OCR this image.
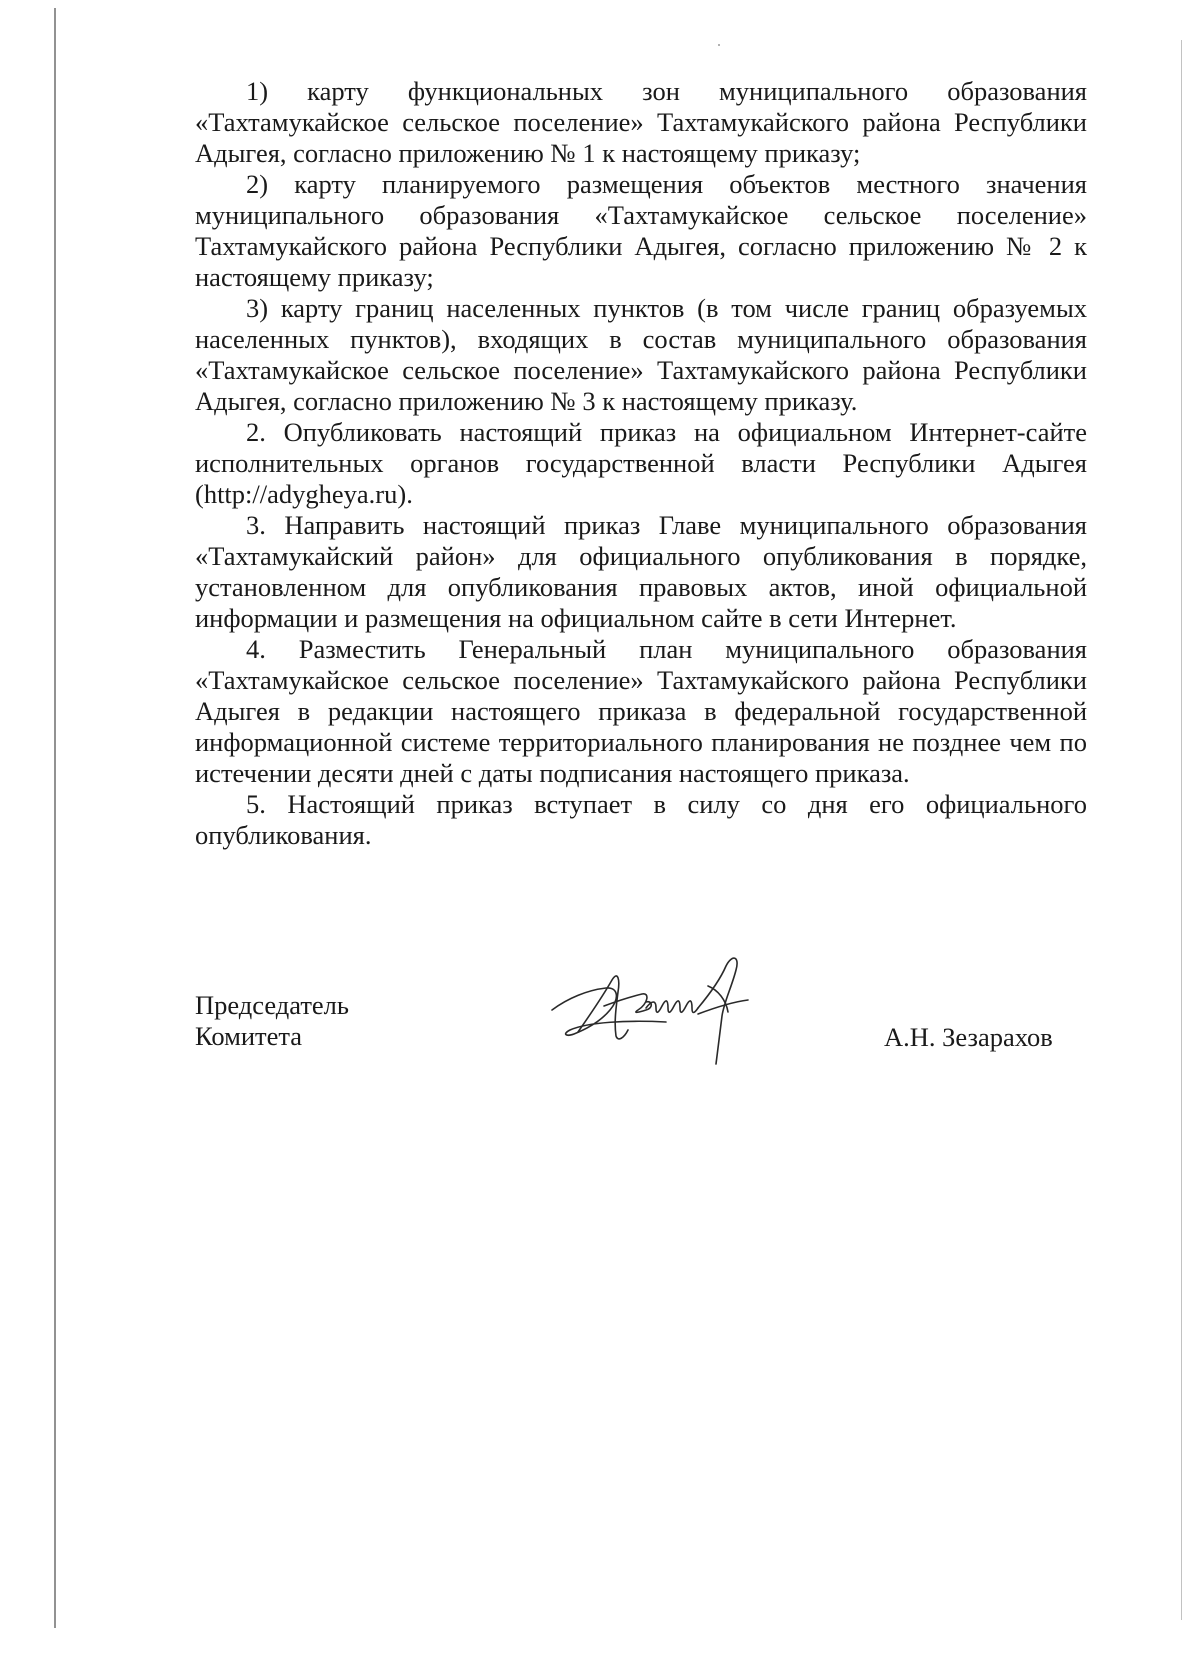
1) карту функциональных зон муниципального образования «Тахтамукайское сельское поселение» Тахтамукайского района Республики Адыгея, согласно приложению № 1 к настоящему приказу;

2) карту планируемого размещения объектов местного значения муниципального образования «Тахтамукайское сельское поселение» Тахтамукайского района Республики Адыгея, согласно приложению № 2 к настоящему приказу;

3) карту границ населенных пунктов (в том числе границ образуемых населенных пунктов), входящих в состав муниципального образования «Тахтамукайское сельское поселение» Тахтамукайского района Республики Адыгея, согласно приложению № 3 к настоящему приказу.

2. Опубликовать настоящий приказ на официальном Интернет-сайте исполнительных органов государственной власти Республики Адыгея (http://adygheya.ru).

3. Направить настоящий приказ Главе муниципального образования «Тахтамукайский район» для официального опубликования в порядке, установленном для опубликования правовых актов, иной официальной информации и размещения на официальном сайте в сети Интернет.

4. Разместить Генеральный план муниципального образования «Тахтамукайское сельское поселение» Тахтамукайского района Республики Адыгея в редакции настоящего приказа в федеральной государственной информационной системе территориального планирования не позднее чем по истечении десяти дней с даты подписания настоящего приказа.

5. Настоящий приказ вступает в силу со дня его официального опубликования.

Председатель
Комитета	А.Н. Зезарахов
